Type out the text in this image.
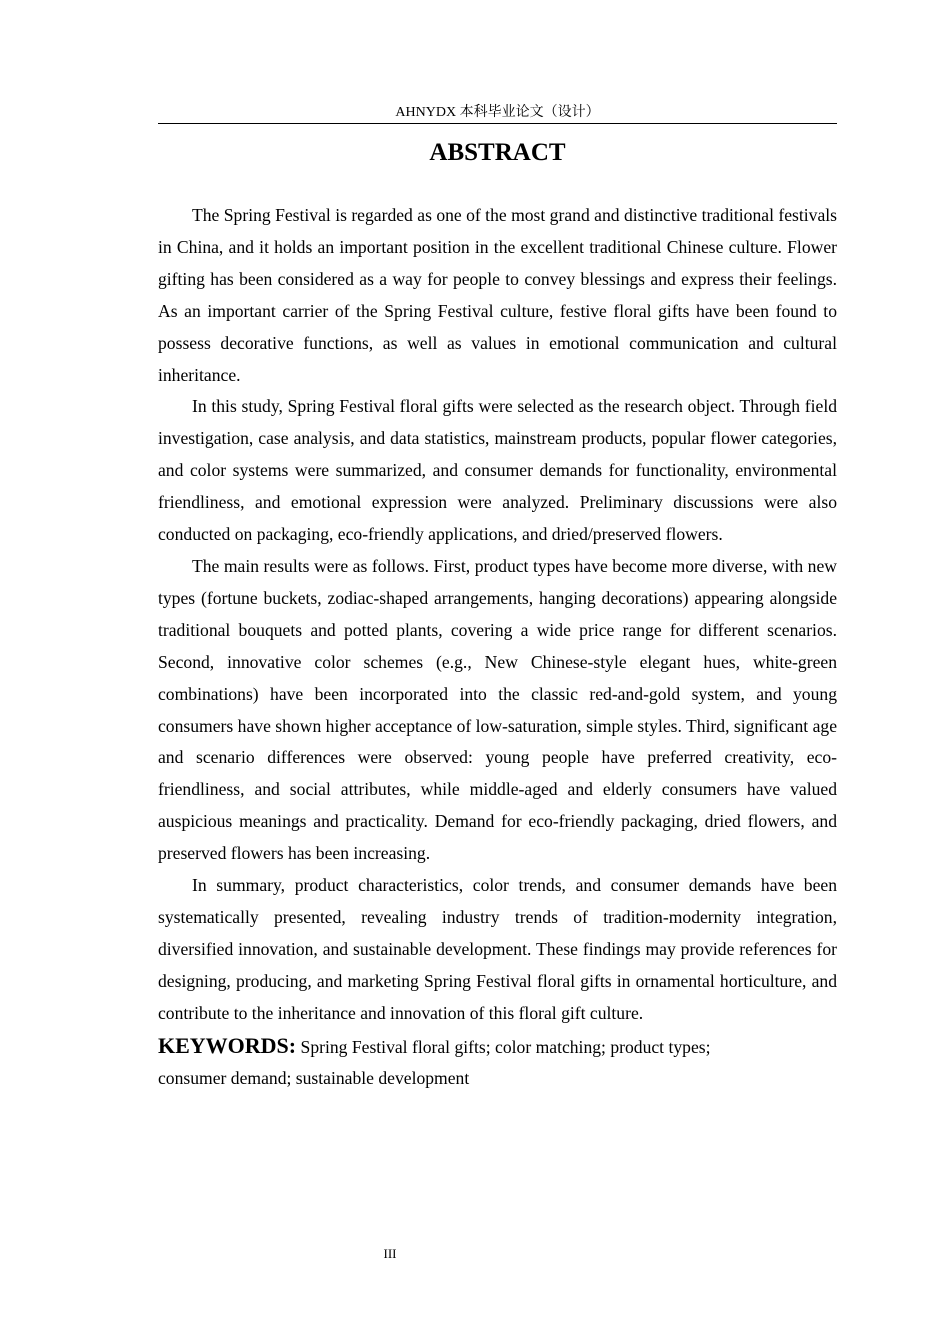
AHNYDX 本科毕业论文（设计）
ABSTRACT

The Spring Festival is regarded as one of the most grand and distinctive traditional festivals in China, and it holds an important position in the excellent traditional Chinese culture. Flower gifting has been considered as a way for people to convey blessings and express their feelings. As an important carrier of the Spring Festival culture, festive floral gifts have been found to possess decorative functions, as well as values in emotional communication and cultural inheritance.

In this study, Spring Festival floral gifts were selected as the research object. Through field investigation, case analysis, and data statistics, mainstream products, popular flower categories, and color systems were summarized, and consumer demands for functionality, environmental friendliness, and emotional expression were analyzed. Preliminary discussions were also conducted on packaging, eco-friendly applications, and dried/preserved flowers.

The main results were as follows. First, product types have become more diverse, with new types (fortune buckets, zodiac-shaped arrangements, hanging decorations) appearing alongside traditional bouquets and potted plants, covering a wide price range for different scenarios. Second, innovative color schemes (e.g., New Chinese-style elegant hues, white-green combinations) have been incorporated into the classic red-and-gold system, and young consumers have shown higher acceptance of low-saturation, simple styles. Third, significant age and scenario differences were observed: young people have preferred creativity, eco-friendliness, and social attributes, while middle-aged and elderly consumers have valued auspicious meanings and practicality. Demand for eco-friendly packaging, dried flowers, and preserved flowers has been increasing.

In summary, product characteristics, color trends, and consumer demands have been systematically presented, revealing industry trends of tradition-modernity integration, diversified innovation, and sustainable development. These findings may provide references for designing, producing, and marketing Spring Festival floral gifts in ornamental horticulture, and contribute to the inheritance and innovation of this floral gift culture.

KEYWORDS: Spring Festival floral gifts; color matching; product types;
consumer demand; sustainable development
III
